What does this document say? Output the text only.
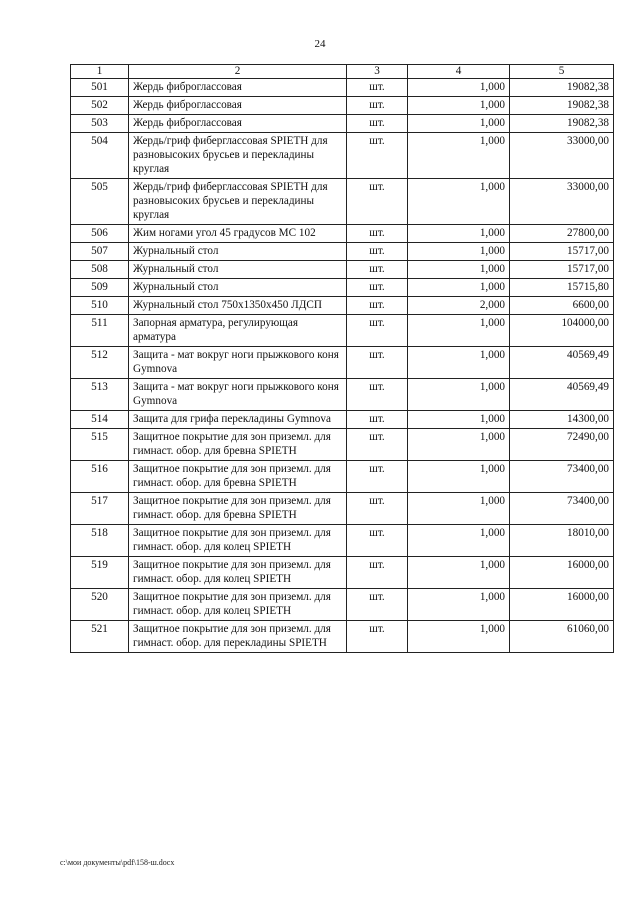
24
1	2	3	4	5
501	Жердь фиброглассовая	шт.	1,000	19082,38
502	Жердь фиброглассовая	шт.	1,000	19082,38
503	Жердь фиброглассовая	шт.	1,000	19082,38
504	Жердь/гриф фибергласcовая SPIETH для разновысоких брусьев и перекладины круглая	шт.	1,000	33000,00
505	Жердь/гриф фибергласcовая SPIETH для разновысоких брусьев и перекладины круглая	шт.	1,000	33000,00
506	Жим ногами угол 45 градусов MC 102	шт.	1,000	27800,00
507	Журнальный стол	шт.	1,000	15717,00
508	Журнальный стол	шт.	1,000	15717,00
509	Журнальный стол	шт.	1,000	15715,80
510	Журнальный стол 750x1350x450 ЛДСП	шт.	2,000	6600,00
511	Запорная арматура, регулирующая арматура	шт.	1,000	104000,00
512	Защита - мат вокруг ноги прыжкового коня Gymnova	шт.	1,000	40569,49
513	Защита - мат вокруг ноги прыжкового коня Gymnova	шт.	1,000	40569,49
514	Защита для грифа перекладины Gymnova	шт.	1,000	14300,00
515	Защитное покрытие для зон приземл. для гимнаст. обор. для бревна SPIETH	шт.	1,000	72490,00
516	Защитное покрытие для зон приземл. для гимнаст. обор. для бревна SPIETH	шт.	1,000	73400,00
517	Защитное покрытие для зон приземл. для гимнаст. обор. для бревна SPIETH	шт.	1,000	73400,00
518	Защитное покрытие для зон приземл. для гимнаст. обор. для колец SPIETH	шт.	1,000	18010,00
519	Защитное покрытие для зон приземл. для гимнаст. обор. для колец SPIETH	шт.	1,000	16000,00
520	Защитное покрытие для зон приземл. для гимнаст. обор. для колец SPIETH	шт.	1,000	16000,00
521	Защитное покрытие для зон приземл. для гимнаст. обор. для перекладины SPIETH	шт.	1,000	61060,00
c:\мои документы\pdf\158-ш.docx
